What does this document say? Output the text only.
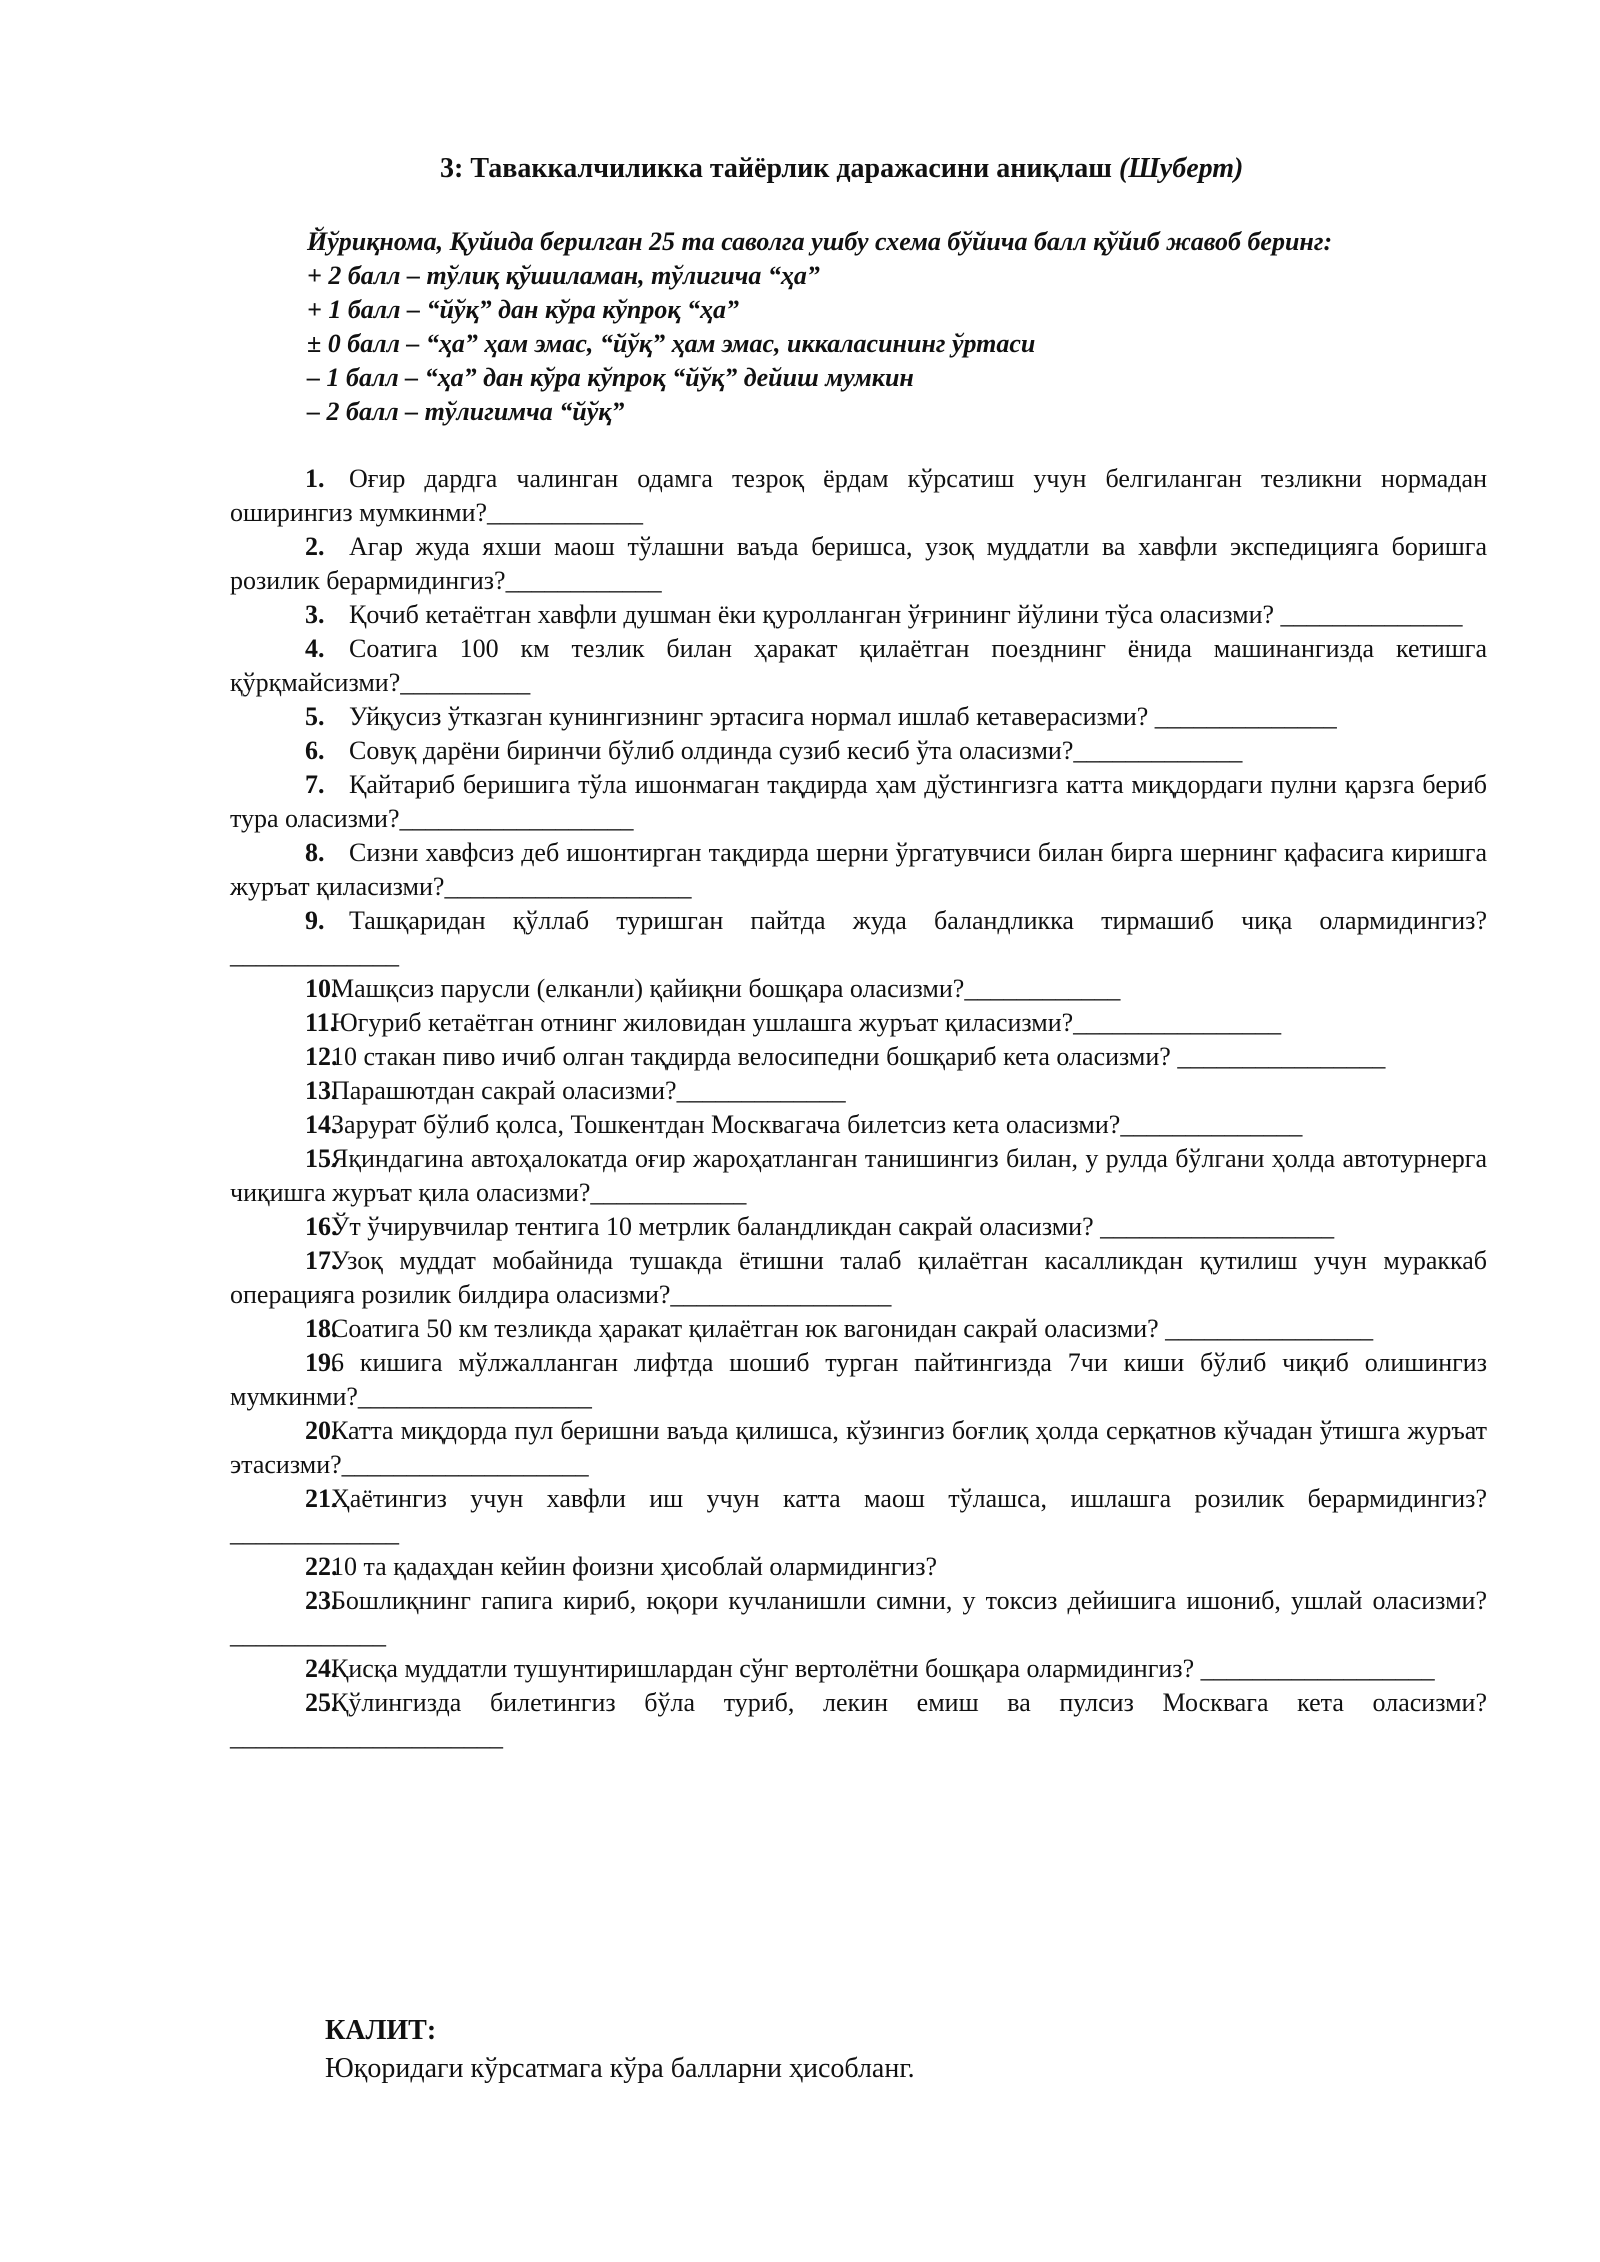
3: Таваккалчиликка тайёрлик даражасини аниқлаш (Шуберт)
Йўриқнома, Қуйида берилган 25 та саволга ушбу схема бўйича балл қўйиб жавоб беринг:
+ 2 балл – тўлиқ қўшиламан, тўлигича “ҳа”
+ 1 балл – “йўқ” дан кўра кўпроқ “ҳа”
± 0 балл – “ҳа” ҳам эмас, “йўқ” ҳам эмас, иккаласининг ўртаси
– 1 балл – “ҳа” дан кўра кўпроқ “йўқ” дейиш мумкин
– 2 балл – тўлигимча “йўқ”
1. Оғир дардга чалинган одамга тезроқ ёрдам кўрсатиш учун белгиланган тезликни нормадан оширингиз мумкинми?____________
2. Агар жуда яхши маош тўлашни ваъда беришса, узоқ муддатли ва хавфли экспедицияга боришга розилик берармидингиз?____________
3. Қочиб кетаётган хавфли душман ёки қуролланган ўғрининг йўлини тўса оласизми? ______________
4. Соатига 100 км тезлик билан ҳаракат қилаётган поезднинг ёнида машинангизда кетишга қўрқмайсизми?__________
5. Уйқусиз ўтказган кунингизнинг эртасига нормал ишлаб кетаверасизми? ______________
6. Совуқ дарёни биринчи бўлиб олдинда сузиб кесиб ўта оласизми?_____________
7. Қайтариб беришига тўла ишонмаган тақдирда ҳам дўстингизга катта миқдордаги пулни қарзга бериб тура оласизми?__________________
8. Сизни хавфсиз деб ишонтирган тақдирда шерни ўргатувчиси билан бирга шернинг қафасига киришга журъат қиласизми?___________________
9. Ташқаридан қўллаб туришган пайтда жуда баландликка тирмашиб чиқа олармидингиз? _____________
10.Машқсиз парусли (елканли) қайиқни бошқара оласизми?____________
11.Югуриб кетаётган отнинг жиловидан ушлашга журъат қиласизми?________________
12.10 стакан пиво ичиб олган тақдирда велосипедни бошқариб кета оласизми? ________________
13.Парашютдан сакрай оласизми?_____________
14.Зарурат бўлиб қолса, Тошкентдан Москвагача билетсиз кета оласизми?______________
15.Яқиндагина автоҳалокатда оғир жароҳатланган танишингиз билан, у рулда бўлгани ҳолда автотурнерга чиқишга журъат қила оласизми?____________
16.Ўт ўчирувчилар тентига 10 метрлик баландликдан сакрай оласизми? __________________
17.Узоқ муддат мобайнида тушакда ётишни талаб қилаётган касалликдан қутилиш учун мураккаб операцияга розилик билдира оласизми?_________________
18.Соатига 50 км тезликда ҳаракат қилаётган юк вагонидан сакрай оласизми? ________________
19.6 кишига мўлжалланган лифтда шошиб турган пайтингизда 7чи киши бўлиб чиқиб олишингиз мумкинми?__________________
20.Катта миқдорда пул беришни ваъда қилишса, кўзингиз боғлиқ ҳолда серқатнов кўчадан ўтишга журъат этасизми?___________________
21.Ҳаётингиз учун хавфли иш учун катта маош тўлашса, ишлашга розилик берармидингиз? _____________
22.10 та қадаҳдан кейин фоизни ҳисоблай олармидингиз?
23.Бошлиқнинг гапига кириб, юқори кучланишли симни, у токсиз дейишига ишониб, ушлай оласизми?____________
24.Қисқа муддатли тушунтиришлардан сўнг вертолётни бошқара олармидингиз? __________________
25.Қўлингизда билетингиз бўла туриб, лекин емиш ва пулсиз Москвага кета оласизми? _____________________
КАЛИТ:
Юқоридаги кўрсатмага кўра балларни ҳисобланг.
